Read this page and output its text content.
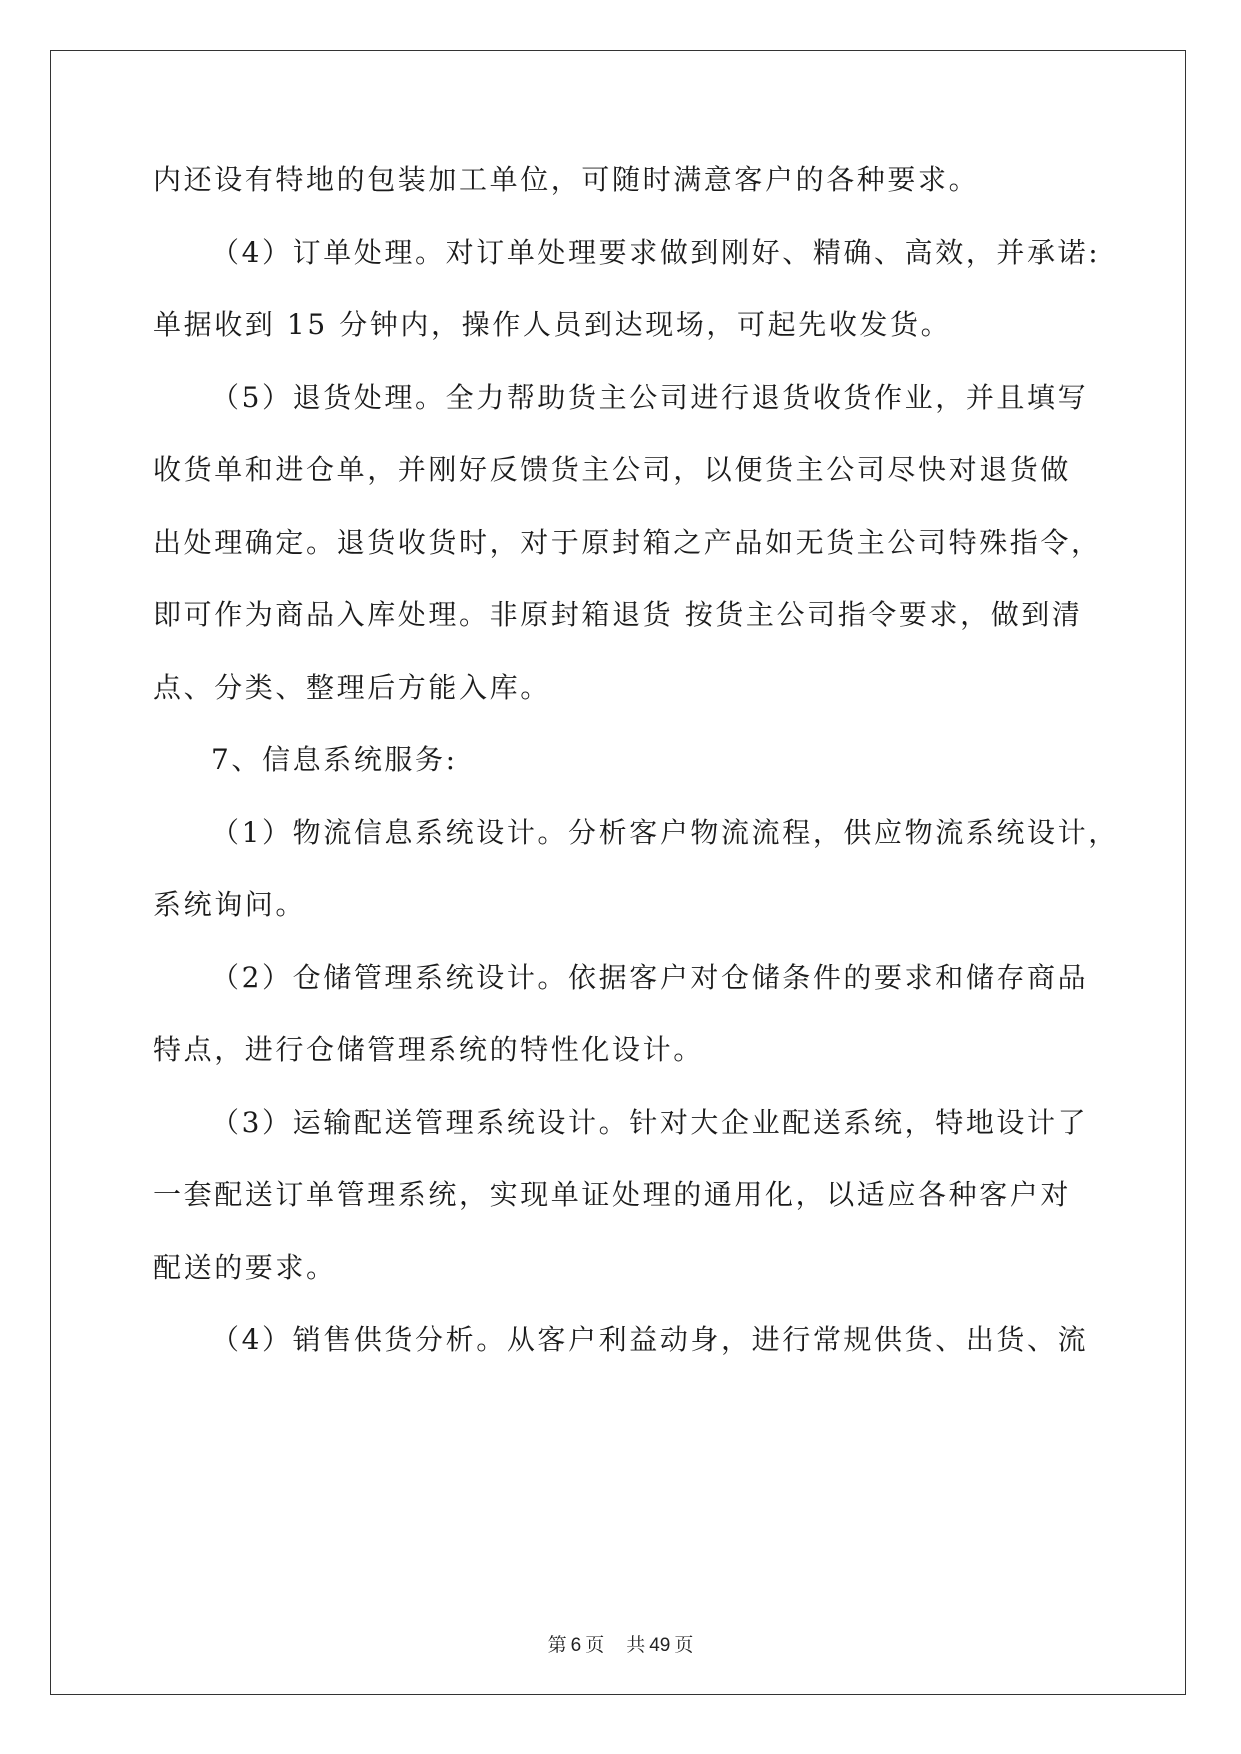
内还设有特地的包装加工单位，可随时满意客户的各种要求。
（4）订单处理。对订单处理要求做到刚好、精确、高效，并承诺:
单据收到 15 分钟内，操作人员到达现场，可起先收发货。
（5）退货处理。全力帮助货主公司进行退货收货作业，并且填写
收货单和进仓单，并刚好反馈货主公司，以便货主公司尽快对退货做
出处理确定。退货收货时，对于原封箱之产品如无货主公司特殊指令，
即可作为商品入库处理。非原封箱退货 按货主公司指令要求，做到清
点、分类、整理后方能入库。
7、信息系统服务:
（1）物流信息系统设计。分析客户物流流程，供应物流系统设计，
系统询问。
（2）仓储管理系统设计。依据客户对仓储条件的要求和储存商品
特点，进行仓储管理系统的特性化设计。
（3）运输配送管理系统设计。针对大企业配送系统，特地设计了
一套配送订单管理系统，实现单证处理的通用化，以适应各种客户对
配送的要求。
（4）销售供货分析。从客户利益动身，进行常规供货、出货、流
第 6 页 共 49 页
